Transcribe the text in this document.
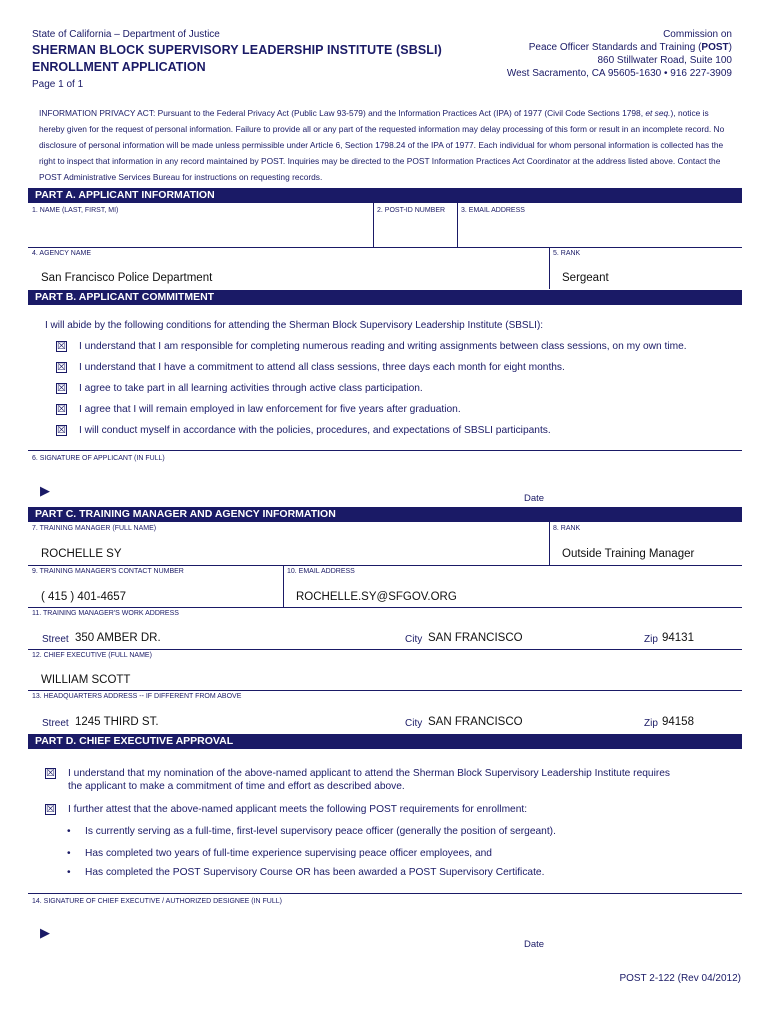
State of California – Department of Justice
SHERMAN BLOCK SUPERVISORY LEADERSHIP INSTITUTE (SBSLI)
ENROLLMENT APPLICATION
Page 1 of 1
Commission on
Peace Officer Standards and Training (POST)
860 Stillwater Road, Suite 100
West Sacramento, CA 95605-1630 • 916 227-3909
INFORMATION PRIVACY ACT: Pursuant to the Federal Privacy Act (Public Law 93-579) and the Information Practices Act (IPA) of 1977 (Civil Code Sections 1798, et seq.), notice is hereby given for the request of personal information. Failure to provide all or any part of the requested information may delay processing of this form or result in an incomplete record. No disclosure of personal information will be made unless permissible under Article 6, Section 1798.24 of the IPA of 1977. Each individual for whom personal information is collected has the right to inspect that information in any record maintained by POST. Inquiries may be directed to the POST Information Practices Act Coordinator at the address listed above. Contact the POST Administrative Services Bureau for instructions on requesting records.
PART A. APPLICANT INFORMATION
1. NAME (LAST, FIRST, MI)	2. POST-ID NUMBER 3. EMAIL ADDRESS
4. AGENCY NAME	5. RANK
San Francisco Police Department	Sergeant
PART B. APPLICANT COMMITMENT
I will abide by the following conditions for attending the Sherman Block Supervisory Leadership Institute (SBSLI):
☒ I understand that I am responsible for completing numerous reading and writing assignments between class sessions, on my own time.
☒ I understand that I have a commitment to attend all class sessions, three days each month for eight months.
☒ I agree to take part in all learning activities through active class participation.
☒ I agree that I will remain employed in law enforcement for five years after graduation.
☒ I will conduct myself in accordance with the policies, procedures, and expectations of SBSLI participants.
6. SIGNATURE OF APPLICANT (IN FULL)
▶
Date
PART C. TRAINING MANAGER AND AGENCY INFORMATION
7. TRAINING MANAGER (FULL NAME)	8. RANK
ROCHELLE SY	Outside Training Manager
9. TRAINING MANAGER'S CONTACT NUMBER	10. EMAIL ADDRESS
( 415 ) 401-4657	ROCHELLE.SY@SFGOV.ORG
11. TRAINING MANAGER'S WORK ADDRESS
Street 350 AMBER DR.	City SAN FRANCISCO	Zip 94131
12. CHIEF EXECUTIVE (FULL NAME)
WILLIAM SCOTT
13. HEADQUARTERS ADDRESS -- IF DIFFERENT FROM ABOVE
Street 1245 THIRD ST.	City SAN FRANCISCO	Zip 94158
PART D. CHIEF EXECUTIVE APPROVAL
☒ I understand that my nomination of the above-named applicant to attend the Sherman Block Supervisory Leadership Institute requires
the applicant to make a commitment of time and effort as described above.
☒ I further attest that the above-named applicant meets the following POST requirements for enrollment:
• Is currently serving as a full-time, first-level supervisory peace officer (generally the position of sergeant).
• Has completed two years of full-time experience supervising peace officer employees, and
• Has completed the POST Supervisory Course OR has been awarded a POST Supervisory Certificate.
14. SIGNATURE OF CHIEF EXECUTIVE / AUTHORIZED DESIGNEE (IN FULL)
▶
Date
POST 2-122 (Rev 04/2012)
